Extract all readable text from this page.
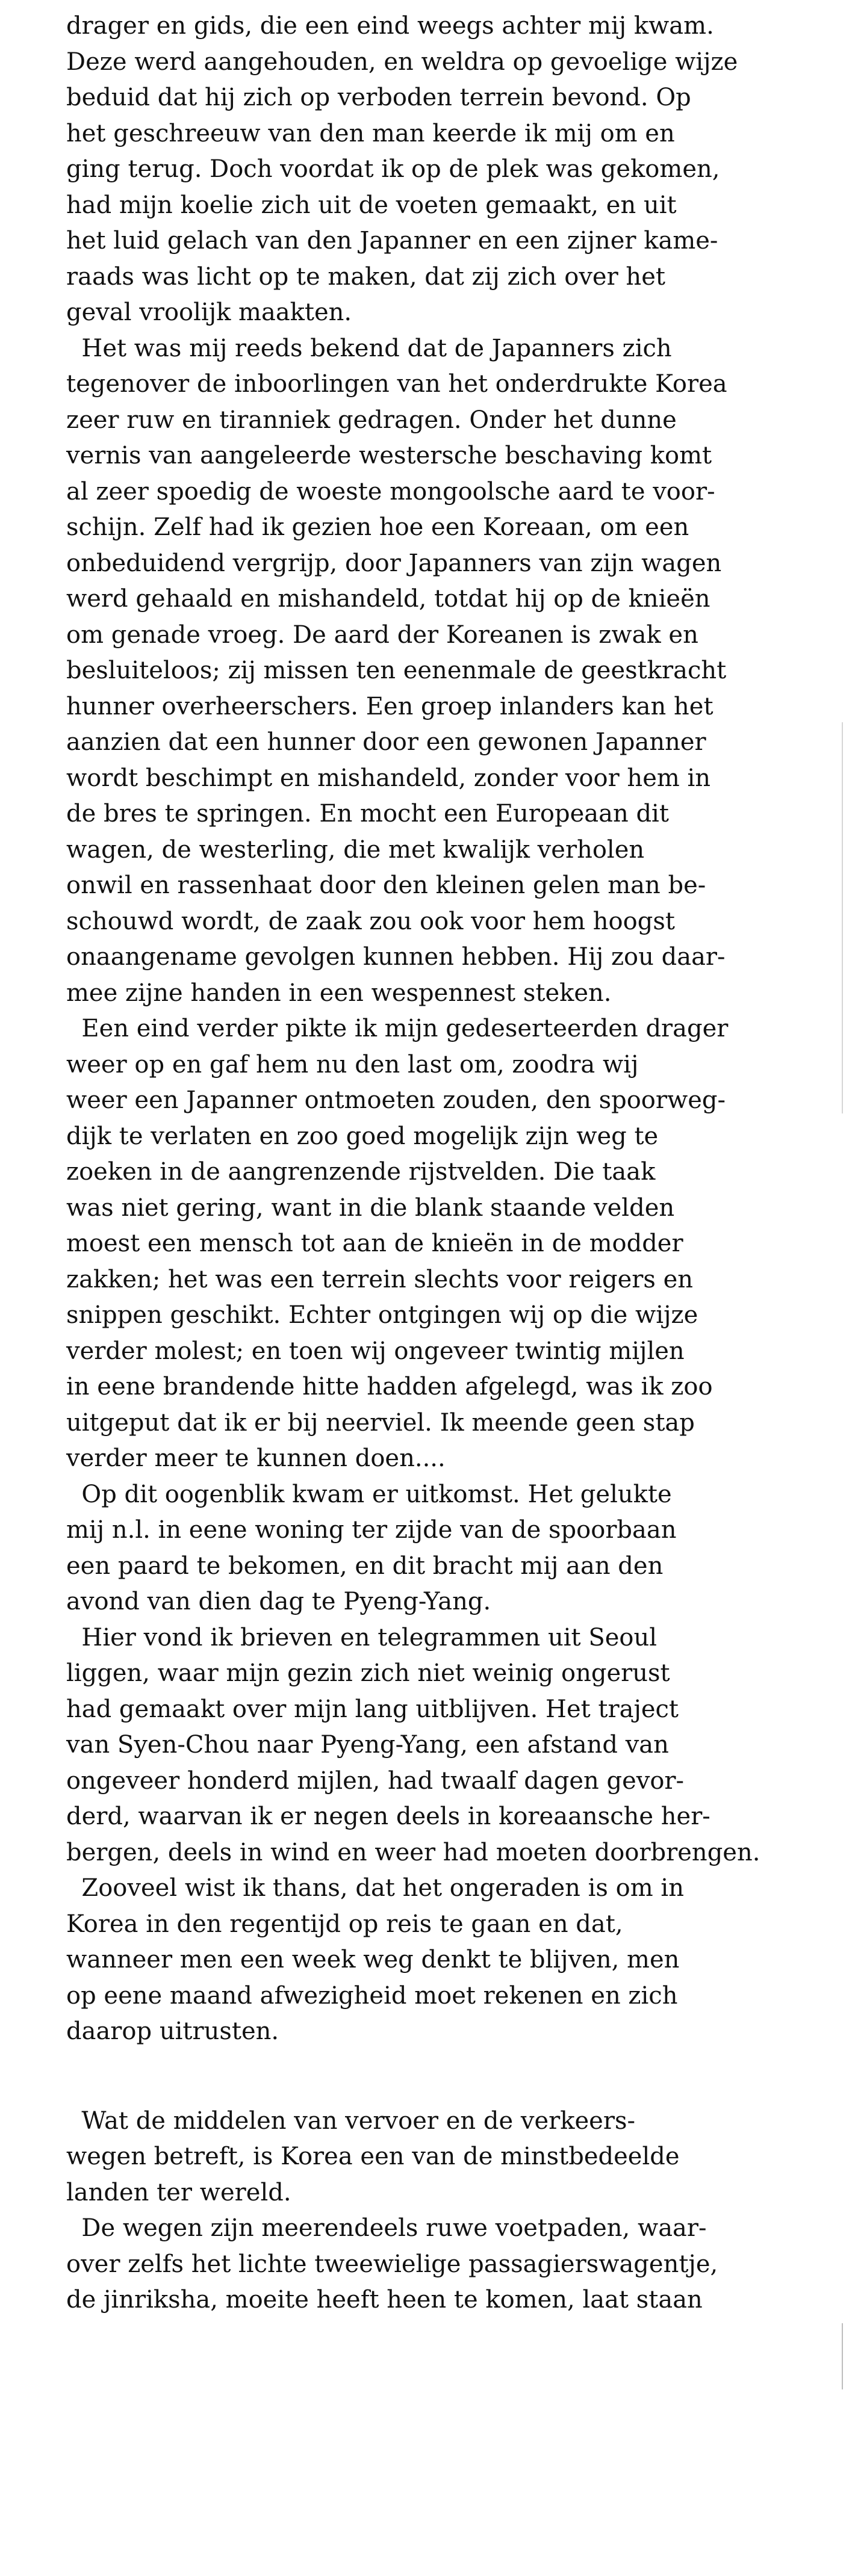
drager en gids, die een eind weegs achter mij kwam.
Deze werd aangehouden, en weldra op gevoelige wijze
beduid dat hij zich op verboden terrein bevond. Op
het geschreeuw van den man keerde ik mij om en
ging terug. Doch voordat ik op de plek was gekomen,
had mijn koelie zich uit de voeten gemaakt, en uit
het luid gelach van den Japanner en een zijner kame-
raads was licht op te maken, dat zij zich over het
geval vroolijk maakten.
Het was mij reeds bekend dat de Japanners zich
tegenover de inboorlingen van het onderdrukte Korea
zeer ruw en tiranniek gedragen. Onder het dunne
vernis van aangeleerde westersche beschaving komt
al zeer spoedig de woeste mongoolsche aard te voor-
schijn. Zelf had ik gezien hoe een Koreaan, om een
onbeduidend vergrijp, door Japanners van zijn wagen
werd gehaald en mishandeld, totdat hij op de knieën
om genade vroeg. De aard der Koreanen is zwak en
besluiteloos; zij missen ten eenenmale de geestkracht
hunner overheerschers. Een groep inlanders kan het
aanzien dat een hunner door een gewonen Japanner
wordt beschimpt en mishandeld, zonder voor hem in
de bres te springen. En mocht een Europeaan dit
wagen, de westerling, die met kwalijk verholen
onwil en rassenhaat door den kleinen gelen man be-
schouwd wordt, de zaak zou ook voor hem hoogst
onaangename gevolgen kunnen hebben. Hij zou daar-
mee zijne handen in een wespennest steken.
Een eind verder pikte ik mijn gedeserteerden drager
weer op en gaf hem nu den last om, zoodra wij
weer een Japanner ontmoeten zouden, den spoorweg-
dijk te verlaten en zoo goed mogelijk zijn weg te
zoeken in de aangrenzende rijstvelden. Die taak
was niet gering, want in die blank staande velden
moest een mensch tot aan de knieën in de modder
zakken; het was een terrein slechts voor reigers en
snippen geschikt. Echter ontgingen wij op die wijze
verder molest; en toen wij ongeveer twintig mijlen
in eene brandende hitte hadden afgelegd, was ik zoo
uitgeput dat ik er bij neerviel. Ik meende geen stap
verder meer te kunnen doen....
Op dit oogenblik kwam er uitkomst. Het gelukte
mij n.l. in eene woning ter zijde van de spoorbaan
een paard te bekomen, en dit bracht mij aan den
avond van dien dag te Pyeng-Yang.
Hier vond ik brieven en telegrammen uit Seoul
liggen, waar mijn gezin zich niet weinig ongerust
had gemaakt over mijn lang uitblijven. Het traject
van Syen-Chou naar Pyeng-Yang, een afstand van
ongeveer honderd mijlen, had twaalf dagen gevor-
derd, waarvan ik er negen deels in koreaansche her-
bergen, deels in wind en weer had moeten doorbrengen.
Zooveel wist ik thans, dat het ongeraden is om in
Korea in den regentijd op reis te gaan en dat,
wanneer men een week weg denkt te blijven, men
op eene maand afwezigheid moet rekenen en zich
daarop uitrusten.
Wat de middelen van vervoer en de verkeers-
wegen betreft, is Korea een van de minstbedeelde
landen ter wereld.
De wegen zijn meerendeels ruwe voetpaden, waar-
over zelfs het lichte tweewielige passagierswagentje,
de jinriksha, moeite heeft heen te komen, laat staan
